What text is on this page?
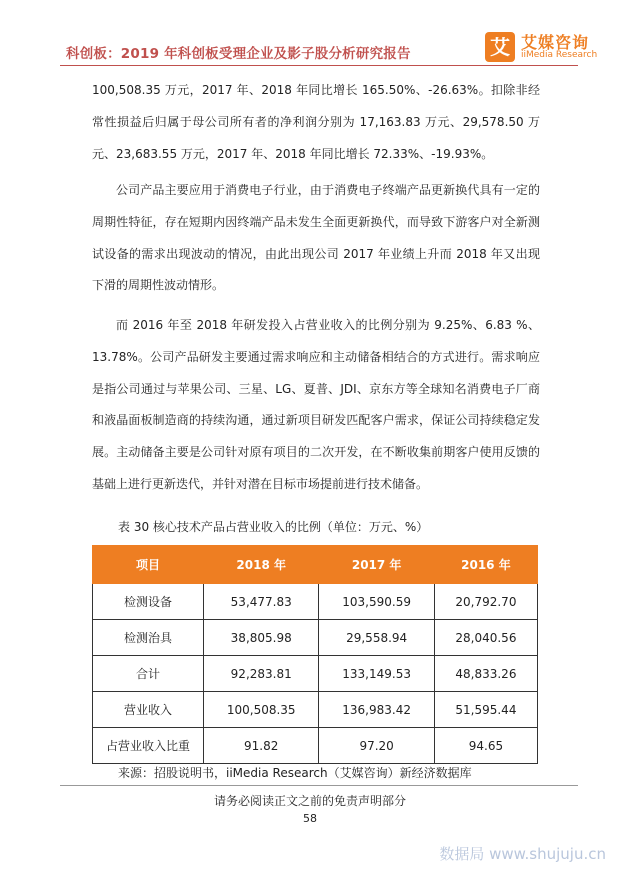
科创板：2019 年科创板受理企业及影子股分析研究报告	艾 艾媒咨询
iiMedia Research

100,508.35 万元，2017 年、2018 年同比增长 165.50%、-26.63%。扣除非经常性损益后归属于母公司所有者的净利润分别为 17,163.83 万元、29,578.50 万元、23,683.55 万元，2017 年、2018 年同比增长 72.33%、-19.93%。

公司产品主要应用于消费电子行业，由于消费电子终端产品更新换代具有一定的周期性特征，存在短期内因终端产品未发生全面更新换代，而导致下游客户对全新测试设备的需求出现波动的情况，由此出现公司 2017 年业绩上升而 2018 年又出现下滑的周期性波动情形。

而 2016 年至 2018 年研发投入占营业收入的比例分别为 9.25%、6.83 %、13.78%。公司产品研发主要通过需求响应和主动储备相结合的方式进行。需求响应是指公司通过与苹果公司、三星、LG、夏普、JDI、京东方等全球知名消费电子厂商和液晶面板制造商的持续沟通，通过新项目研发匹配客户需求，保证公司持续稳定发展。主动储备主要是公司针对原有项目的二次开发，在不断收集前期客户使用反馈的基础上进行更新迭代，并针对潜在目标市场提前进行技术储备。

表 30 核心技术产品占营业收入的比例（单位：万元、%）
项目	2018 年	2017 年	2016 年
检测设备	53,477.83	103,590.59	20,792.70
检测治具	38,805.98	29,558.94	28,040.56
合计	92,283.81	133,149.53	48,833.26
营业收入	100,508.35	136,983.42	51,595.44
占营业收入比重	91.82	97.20	94.65
来源：招股说明书，iiMedia Research（艾媒咨询）新经济数据库
请务必阅读正文之前的免责声明部分
58
数据局 www.shujuju.cn
